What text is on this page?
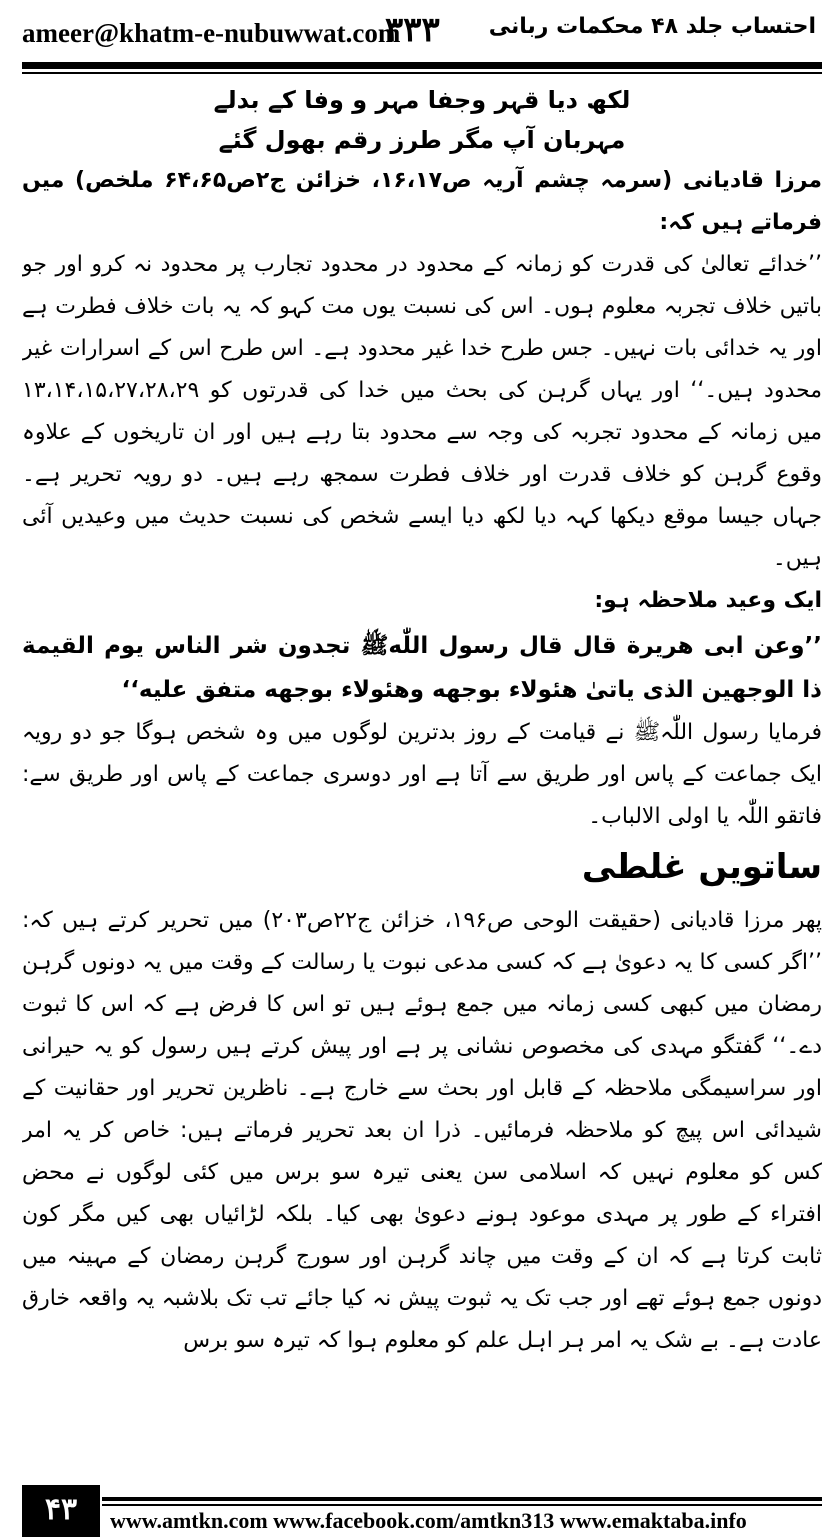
ameer@khatm-e-nubuwwat.com
۳۳۳ احتساب جلد ۴۸ محکمات ربانی
لکھ دیا قہر وجفا مہر و وفا کے بدلے
مہربان آپ مگر طرز رقم بھول گئے

مرزا قادیانی (سرمہ چشم آریہ ص۱۶،۱۷، خزائن ج۲ص۶۴،۶۵ ملخص) میں فرماتے ہیں کہ:

’’خدائے تعالیٰ کی قدرت کو زمانہ کے محدود در محدود تجارب پر محدود نہ کرو اور جو باتیں خلاف تجربہ معلوم ہوں۔ اس کی نسبت یوں مت کہو کہ یہ بات خلاف فطرت ہے اور یہ خدائی بات نہیں۔ جس طرح خدا غیر محدود ہے۔ اس طرح اس کے اسرارات غیر محدود ہیں۔‘‘ اور یہاں گرہن کی بحث میں خدا کی قدرتوں کو ۱۳،۱۴،۱۵،۲۷،۲۸،۲۹ میں زمانہ کے محدود تجربہ کی وجہ سے محدود بتا رہے ہیں اور ان تاریخوں کے علاوہ وقوع گرہن کو خلاف قدرت اور خلاف فطرت سمجھ رہے ہیں۔ دو رویہ تحریر ہے۔ جہاں جیسا موقع دیکھا کہہ دیا لکھ دیا ایسے شخص کی نسبت حدیث میں وعیدیں آئی ہیں۔

ایک وعید ملاحظہ ہو:

’’وعن ابی هريرة قال قال رسول اللّٰهﷺ تجدون شر الناس يوم القيمة ذا الوجهين الذى ياتىٰ هئولاء بوجهه وهئولاء بوجهه متفق عليه‘‘

فرمایا رسول اللّٰہﷺ نے قیامت کے روز بدترین لوگوں میں وہ شخص ہوگا جو دو رویہ ایک جماعت کے پاس اور طریق سے آتا ہے اور دوسری جماعت کے پاس اور طریق سے: فاتقو اللّٰہ یا اولی الالباب۔

ساتویں غلطی

پھر مرزا قادیانی (حقیقت الوحی ص۱۹۶، خزائن ج۲۲ص۲۰۳) میں تحریر کرتے ہیں کہ: ’’اگر کسی کا یہ دعویٰ ہے کہ کسی مدعی نبوت یا رسالت کے وقت میں یہ دونوں گرہن رمضان میں کبھی کسی زمانہ میں جمع ہوئے ہیں تو اس کا فرض ہے کہ اس کا ثبوت دے۔‘‘ گفتگو مہدی کی مخصوص نشانی پر ہے اور پیش کرتے ہیں رسول کو یہ حیرانی اور سراسیمگی ملاحظہ کے قابل اور بحث سے خارج ہے۔ ناظرین تحریر اور حقانیت کے شیدائی اس پیچ کو ملاحظہ فرمائیں۔ ذرا ان بعد تحریر فرماتے ہیں: خاص کر یہ امر کس کو معلوم نہیں کہ اسلامی سن یعنی تیرہ سو برس میں کئی لوگوں نے محض افتراء کے طور پر مہدی موعود ہونے دعویٰ بھی کیا۔ بلکہ لڑائیاں بھی کیں مگر کون ثابت کرتا ہے کہ ان کے وقت میں چاند گرہن اور سورج گرہن رمضان کے مہینہ میں دونوں جمع ہوئے تھے اور جب تک یہ ثبوت پیش نہ کیا جائے تب تک بلاشبہ یہ واقعہ خارق عادت ہے۔ بے شک یہ امر ہر اہل علم کو معلوم ہوا کہ تیرہ سو برس

۴۳	www.amtkn.com www.facebook.com/amtkn313 www.emaktaba.info
